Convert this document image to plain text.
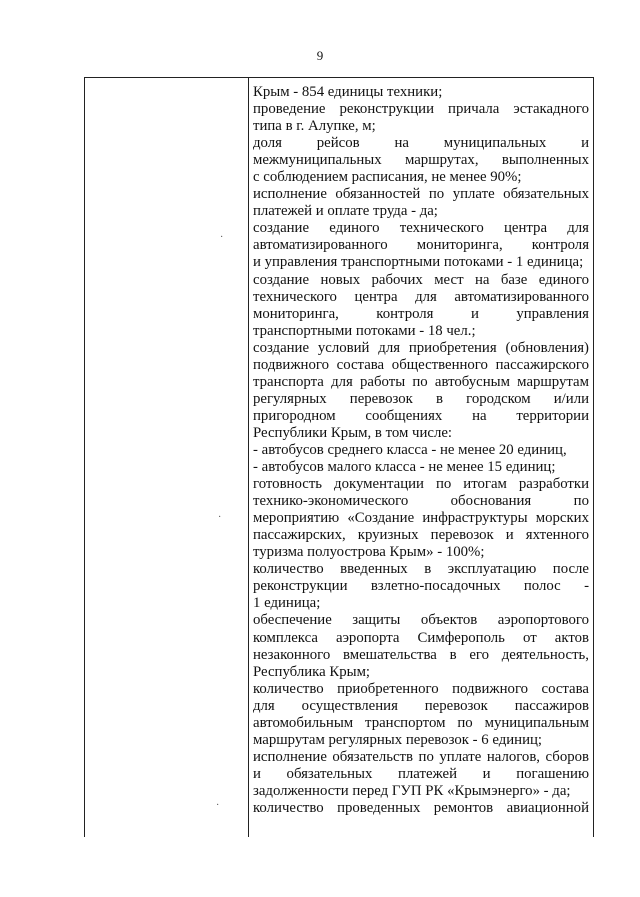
9
Крым - 854 единицы техники;
проведение реконструкции причала эстакадного
типа в г. Алупке, м;
доля рейсов на муниципальных и
межмуниципальных маршрутах, выполненных
с соблюдением расписания, не менее 90%;
исполнение обязанностей по уплате обязательных
платежей и оплате труда - да;
создание единого технического центра для
автоматизированного мониторинга, контроля
и управления транспортными потоками - 1 единица;
создание новых рабочих мест на базе единого
технического центра для автоматизированного
мониторинга, контроля и управления
транспортными потоками - 18 чел.;
создание условий для приобретения (обновления)
подвижного состава общественного пассажирского
транспорта для работы по автобусным маршрутам
регулярных перевозок в городском и/или
пригородном сообщениях на территории
Республики Крым, в том числе:
- автобусов среднего класса - не менее 20 единиц,
- автобусов малого класса - не менее 15 единиц;
готовность документации по итогам разработки
технико-экономического обоснования по
мероприятию «Создание инфраструктуры морских
пассажирских, круизных перевозок и яхтенного
туризма полуострова Крым» - 100%;
количество введенных в эксплуатацию после
реконструкции взлетно-посадочных полос -
1 единица;
обеспечение защиты объектов аэропортового
комплекса аэропорта Симферополь от актов
незаконного вмешательства в его деятельность,
Республика Крым;
количество приобретенного подвижного состава
для осуществления перевозок пассажиров
автомобильным транспортом по муниципальным
маршрутам регулярных перевозок - 6 единиц;
исполнение обязательств по уплате налогов, сборов
и обязательных платежей и погашению
задолженности перед ГУП РК «Крымэнерго» - да;
количество проведенных ремонтов авиационной
·
·
·
